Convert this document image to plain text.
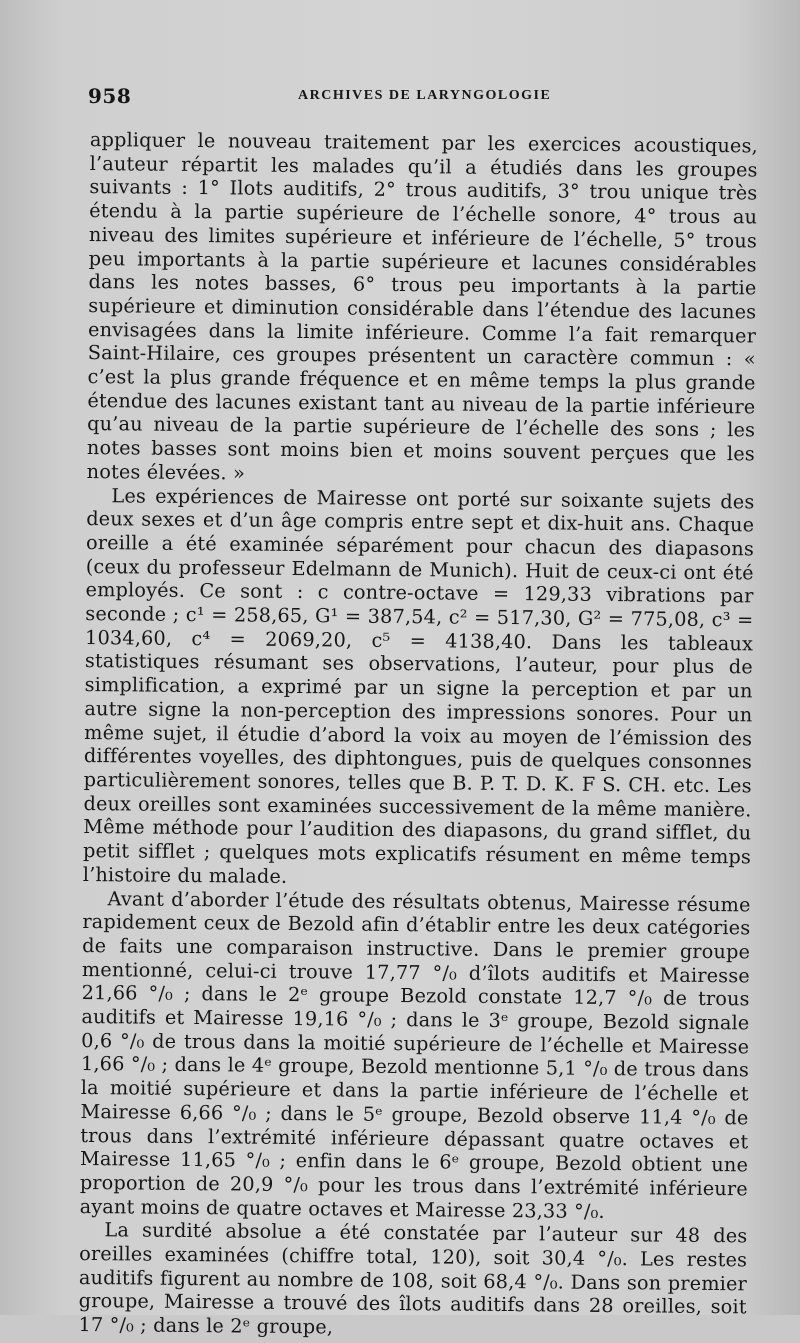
958	ARCHIVES DE LARYNGOLOGIE

appliquer le nouveau traitement par les exercices acoustiques, l’auteur répartit les malades qu’il a étudiés dans les groupes suivants : 1° Ilots auditifs, 2° trous auditifs, 3° trou unique très étendu à la partie supérieure de l’échelle sonore, 4° trous au niveau des limites supérieure et inférieure de l’échelle, 5° trous peu importants à la partie supérieure et lacunes considérables dans les notes basses, 6° trous peu importants à la partie supérieure et diminution considérable dans l’étendue des lacunes envisagées dans la limite inférieure. Comme l’a fait remarquer Saint-Hilaire, ces groupes présentent un caractère commun : « c’est la plus grande fréquence et en même temps la plus grande étendue des lacunes existant tant au niveau de la partie inférieure qu’au niveau de la partie supérieure de l’échelle des sons ; les notes basses sont moins bien et moins souvent perçues que les notes élevées. »

Les expériences de Mairesse ont porté sur soixante sujets des deux sexes et d’un âge compris entre sept et dix-huit ans. Chaque oreille a été examinée séparément pour chacun des diapasons (ceux du professeur Edelmann de Munich). Huit de ceux-ci ont été employés. Ce sont : c contre-octave = 129,33 vibrations par seconde ; c¹ = 258,65, G¹ = 387,54, c² = 517,30, G² = 775,08, c³ = 1034,60, c⁴ = 2069,20, c⁵ = 4138,40. Dans les tableaux statistiques résumant ses observations, l’auteur, pour plus de simplification, a exprimé par un signe la perception et par un autre signe la non-perception des impressions sonores. Pour un même sujet, il étudie d’abord la voix au moyen de l’émission des différentes voyelles, des diphtongues, puis de quelques consonnes particulièrement sonores, telles que B. P. T. D. K. F S. CH. etc. Les deux oreilles sont examinées successivement de la même manière. Même méthode pour l’audition des diapasons, du grand sifflet, du petit sifflet ; quelques mots explicatifs résument en même temps l’histoire du malade.

Avant d’aborder l’étude des résultats obtenus, Mairesse résume rapidement ceux de Bezold afin d’établir entre les deux catégories de faits une comparaison instructive. Dans le premier groupe mentionné, celui-ci trouve 17,77 °/₀ d’îlots auditifs et Mairesse 21,66 °/₀ ; dans le 2ᵉ groupe Bezold constate 12,7 °/₀ de trous auditifs et Mairesse 19,16 °/₀ ; dans le 3ᵉ groupe, Bezold signale 0,6 °/₀ de trous dans la moitié supérieure de l’échelle et Mairesse 1,66 °/₀ ; dans le 4ᵉ groupe, Bezold mentionne 5,1 °/₀ de trous dans la moitié supérieure et dans la partie inférieure de l’échelle et Mairesse 6,66 °/₀ ; dans le 5ᵉ groupe, Bezold observe 11,4 °/₀ de trous dans l’extrémité inférieure dépassant quatre octaves et Mairesse 11,65 °/₀ ; enfin dans le 6ᵉ groupe, Bezold obtient une proportion de 20,9 °/₀ pour les trous dans l’extrémité inférieure ayant moins de quatre octaves et Mairesse 23,33 °/₀.

La surdité absolue a été constatée par l’auteur sur 48 des oreilles examinées (chiffre total, 120), soit 30,4 °/₀. Les restes auditifs figurent au nombre de 108, soit 68,4 °/₀. Dans son premier groupe, Mairesse a trouvé des îlots auditifs dans 28 oreilles, soit 17 °/₀ ; dans le 2ᵉ groupe,
